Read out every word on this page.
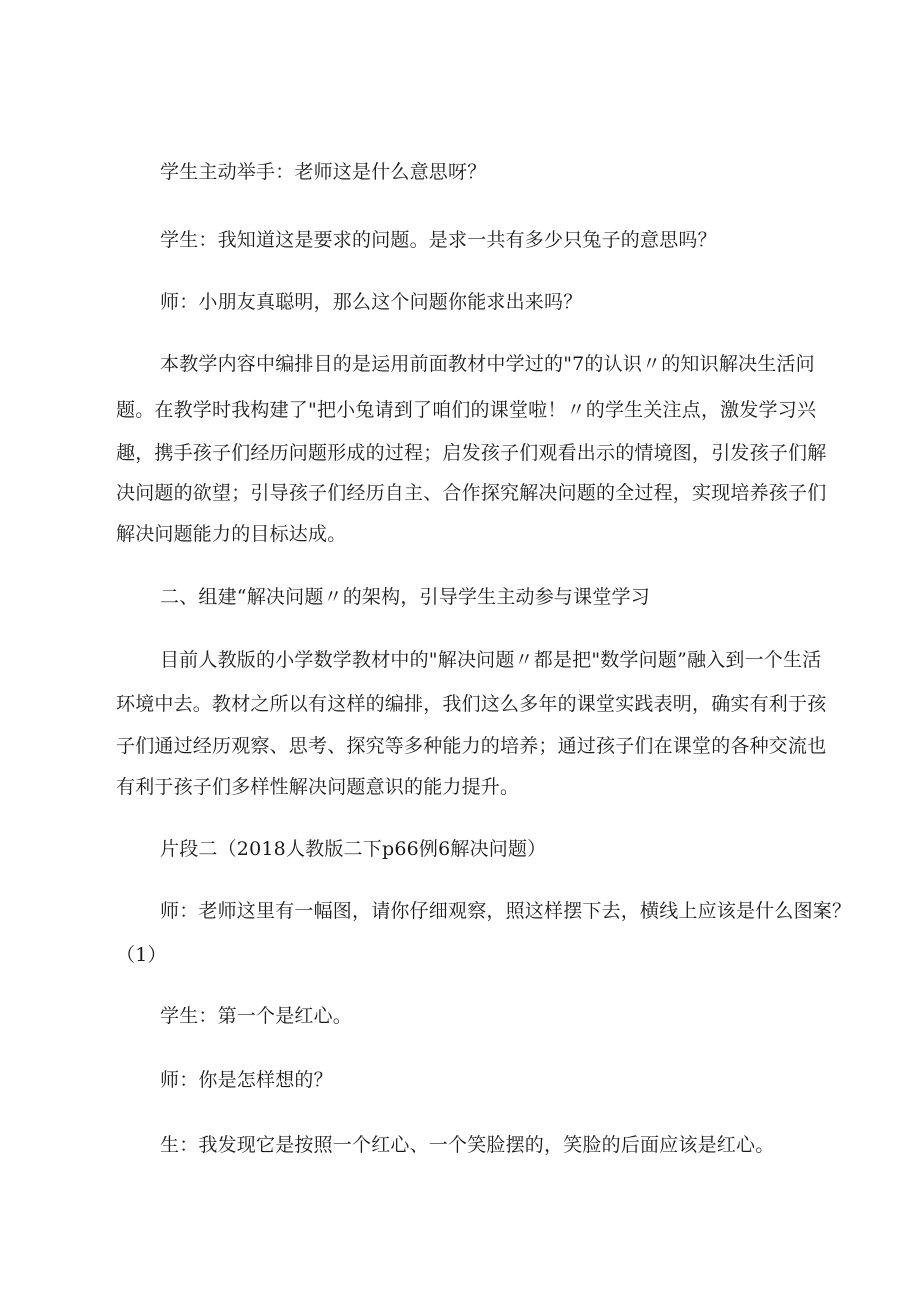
学生主动举手：老师这是什么意思呀？
学生：我知道这是要求的问题。是求一共有多少只兔子的意思吗？
师：小朋友真聪明，那么这个问题你能求出来吗？
本教学内容中编排目的是运用前面教材中学过的"7的认识〃的知识解决生活问
题。在教学时我构建了"把小兔请到了咱们的课堂啦！〃的学生关注点，激发学习兴
趣，携手孩子们经历问题形成的过程；启发孩子们观看出示的情境图，引发孩子们解
决问题的欲望；引导孩子们经历自主、合作探究解决问题的全过程，实现培养孩子们
解决问题能力的目标达成。
二、组建“解决问题〃的架构，引导学生主动参与课堂学习
目前人教版的小学数学教材中的"解决问题〃都是把"数学问题”融入到一个生活
环境中去。教材之所以有这样的编排，我们这么多年的课堂实践表明，确实有利于孩
子们通过经历观察、思考、探究等多种能力的培养；通过孩子们在课堂的各种交流也
有利于孩子们多样性解决问题意识的能力提升。
片段二（2018人教版二下p66例6解决问题）
师：老师这里有一幅图，请你仔细观察，照这样摆下去，横线上应该是什么图案？
（1）
学生：第一个是红心。
师：你是怎样想的？
生：我发现它是按照一个红心、一个笑脸摆的，笑脸的后面应该是红心。
